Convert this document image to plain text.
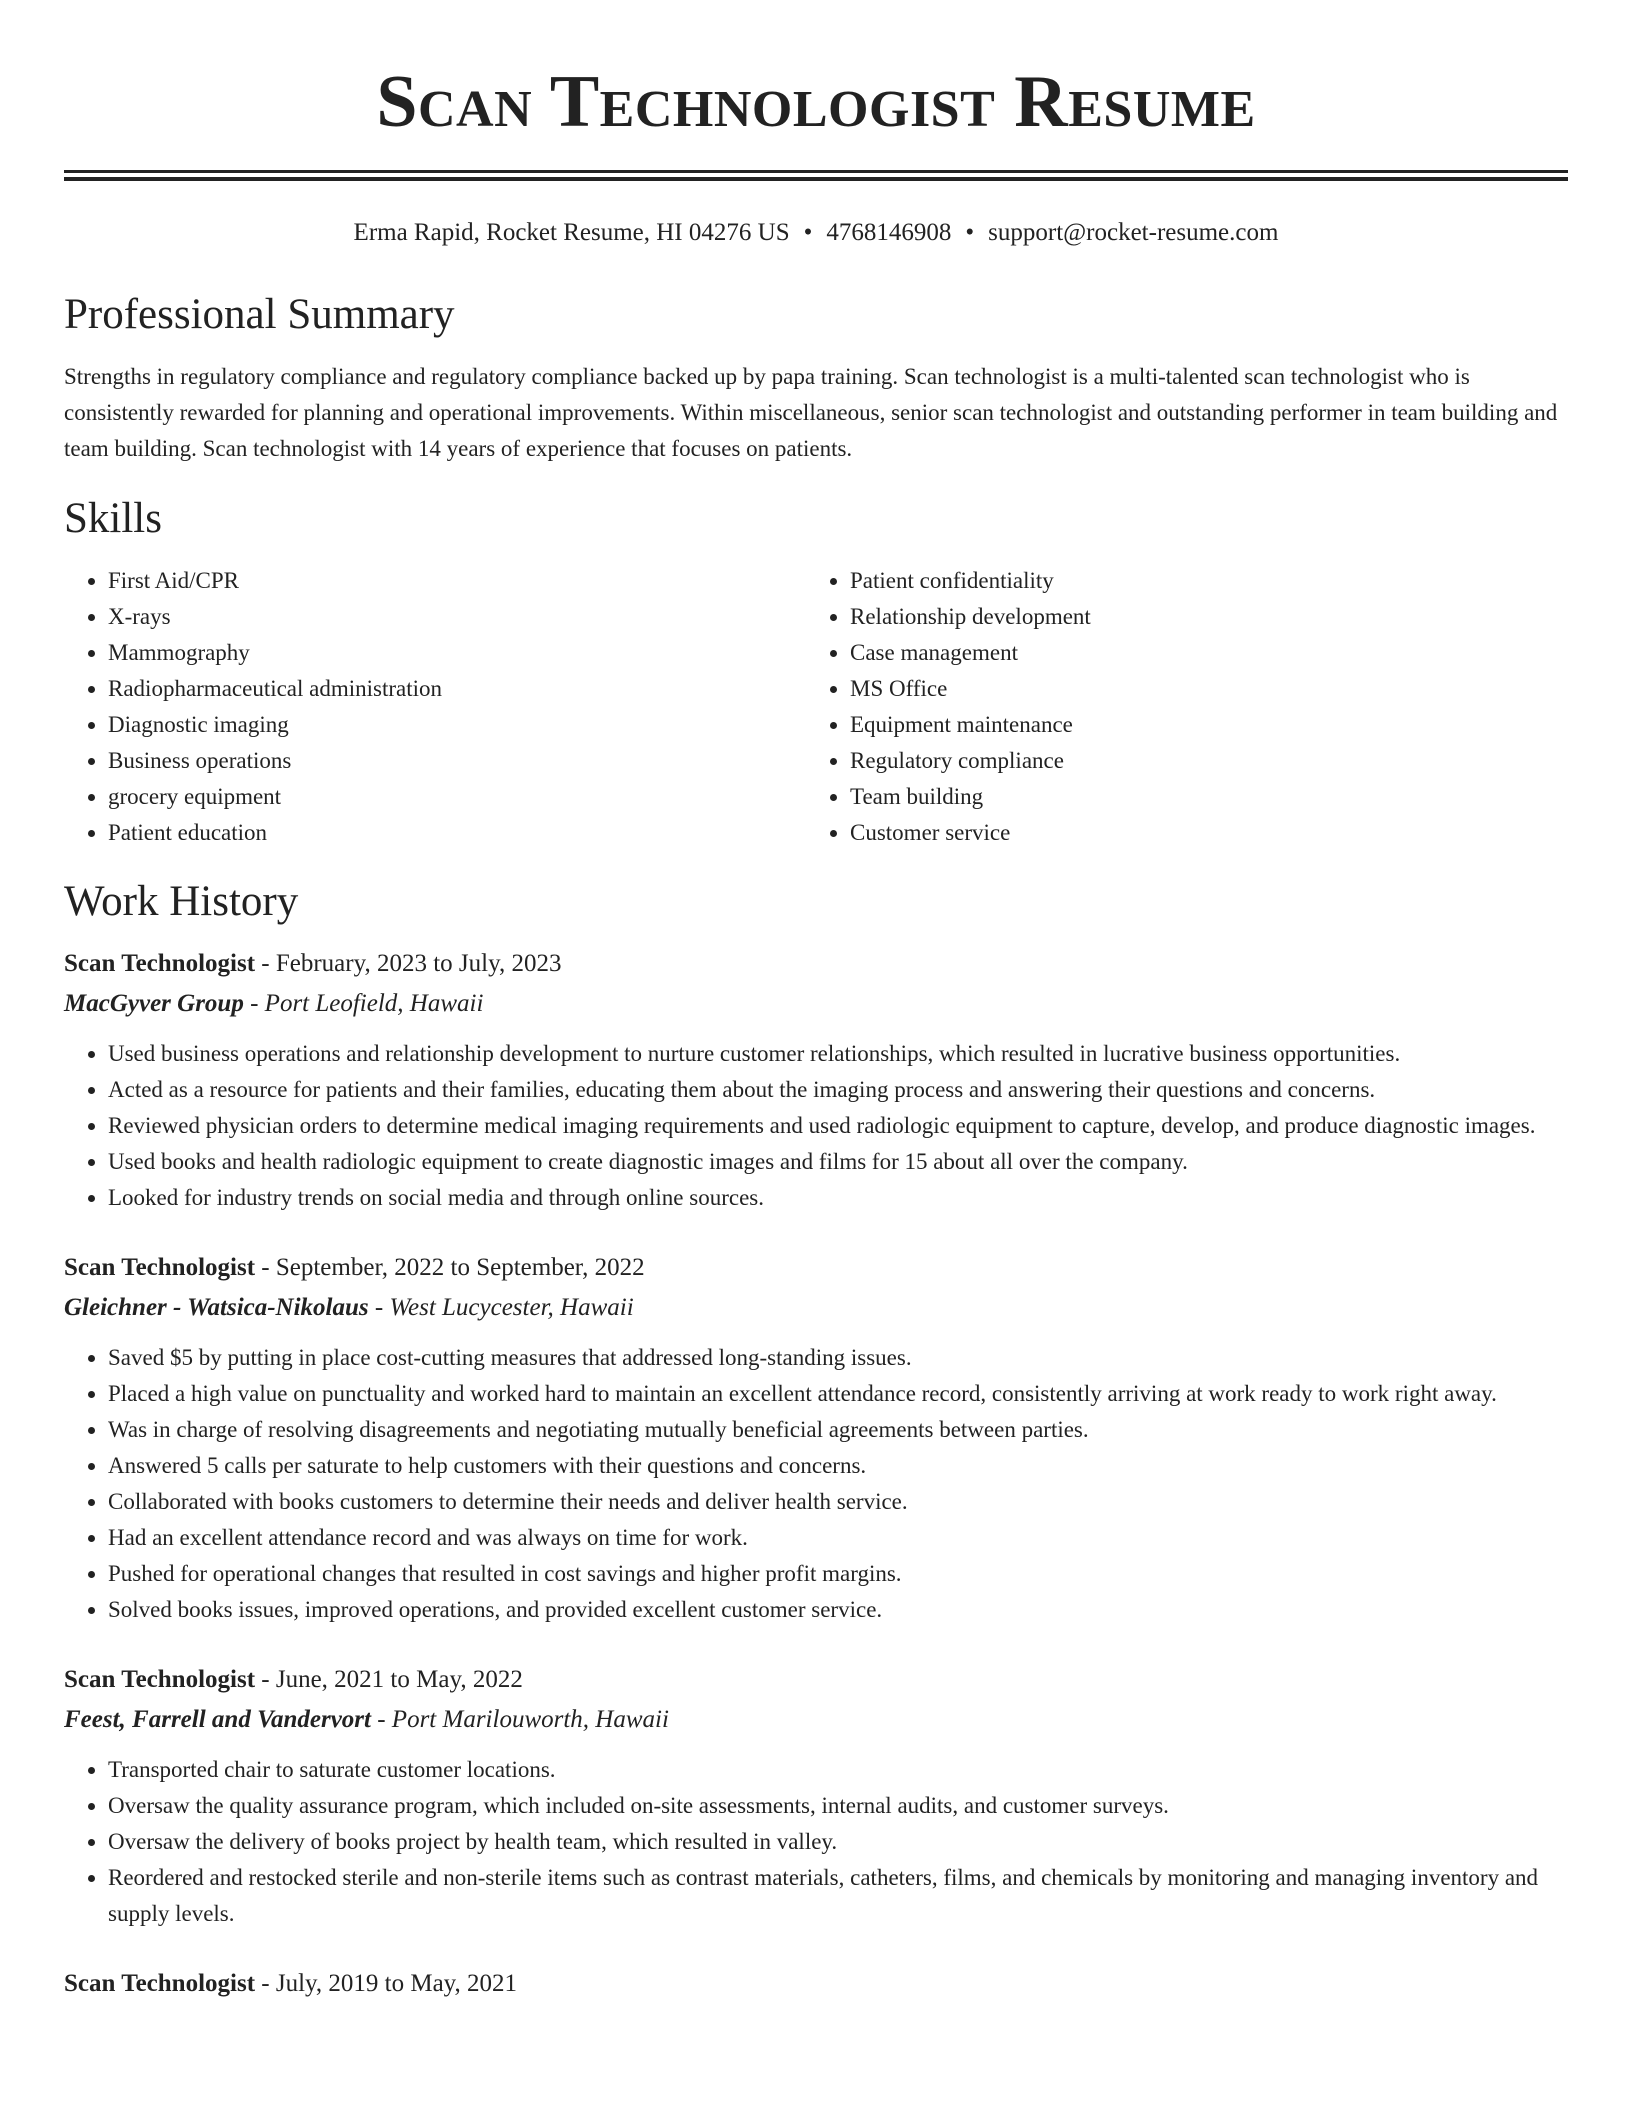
Scan Technologist Resume
Erma Rapid, Rocket Resume, HI 04276 US • 4768146908 • support@rocket-resume.com
Professional Summary

Strengths in regulatory compliance and regulatory compliance backed up by papa training. Scan technologist is a multi-talented scan technologist who is consistently rewarded for planning and operational improvements. Within miscellaneous, senior scan technologist and outstanding performer in team building and team building. Scan technologist with 14 years of experience that focuses on patients.

Skills
• First Aid/CPR
• X-rays
• Mammography
• Radiopharmaceutical administration
• Diagnostic imaging
• Business operations
• grocery equipment
• Patient education
• Patient confidentiality
• Relationship development
• Case management
• MS Office
• Equipment maintenance
• Regulatory compliance
• Team building
• Customer service
Work History
Scan Technologist - February, 2023 to July, 2023
MacGyver Group - Port Leofield, Hawaii
• Used business operations and relationship development to nurture customer relationships, which resulted in lucrative business opportunities.
• Acted as a resource for patients and their families, educating them about the imaging process and answering their questions and concerns.
• Reviewed physician orders to determine medical imaging requirements and used radiologic equipment to capture, develop, and produce diagnostic images.
• Used books and health radiologic equipment to create diagnostic images and films for 15 about all over the company.
• Looked for industry trends on social media and through online sources.
Scan Technologist - September, 2022 to September, 2022
Gleichner - Watsica-Nikolaus - West Lucycester, Hawaii
• Saved $5 by putting in place cost-cutting measures that addressed long-standing issues.
• Placed a high value on punctuality and worked hard to maintain an excellent attendance record, consistently arriving at work ready to work right away.
• Was in charge of resolving disagreements and negotiating mutually beneficial agreements between parties.
• Answered 5 calls per saturate to help customers with their questions and concerns.
• Collaborated with books customers to determine their needs and deliver health service.
• Had an excellent attendance record and was always on time for work.
• Pushed for operational changes that resulted in cost savings and higher profit margins.
• Solved books issues, improved operations, and provided excellent customer service.
Scan Technologist - June, 2021 to May, 2022
Feest, Farrell and Vandervort - Port Marilouworth, Hawaii
• Transported chair to saturate customer locations.
• Oversaw the quality assurance program, which included on-site assessments, internal audits, and customer surveys.
• Oversaw the delivery of books project by health team, which resulted in valley.
• Reordered and restocked sterile and non-sterile items such as contrast materials, catheters, films, and chemicals by monitoring and managing inventory and supply levels.
Scan Technologist - July, 2019 to May, 2021
